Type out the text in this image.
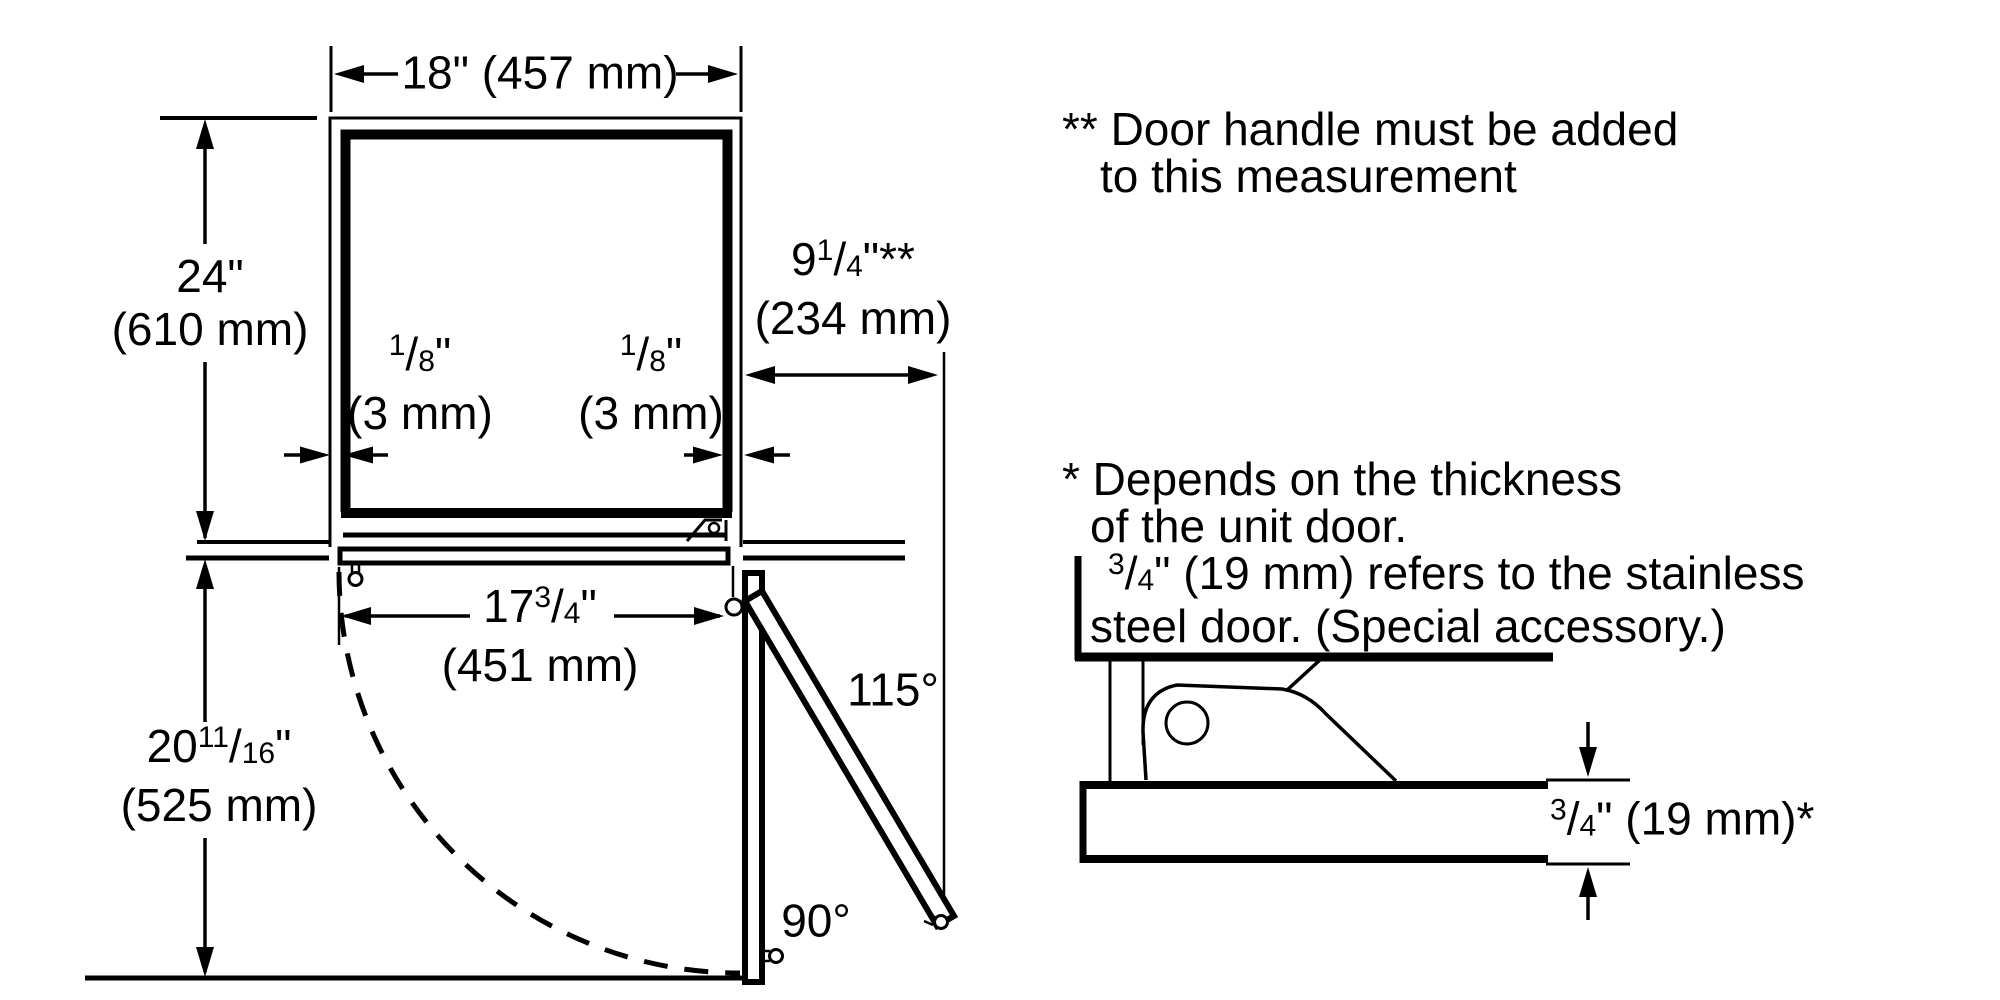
18" (457 mm)
24"
(610 mm)
9$^1$/4"**
(234 mm)
$^1$/8"
(3 mm)
$^1$/8"
(3 mm)
17$^3$/4"
(451 mm)
20$^{11}$/16"
(525 mm)
115°
90°
** Door handle must be added
to this measurement
* Depends on the thickness
of the unit door.
$^3$/4" (19 mm) refers to the stainless
steel door. (Special accessory.)
$^3$/4" (19 mm)*
